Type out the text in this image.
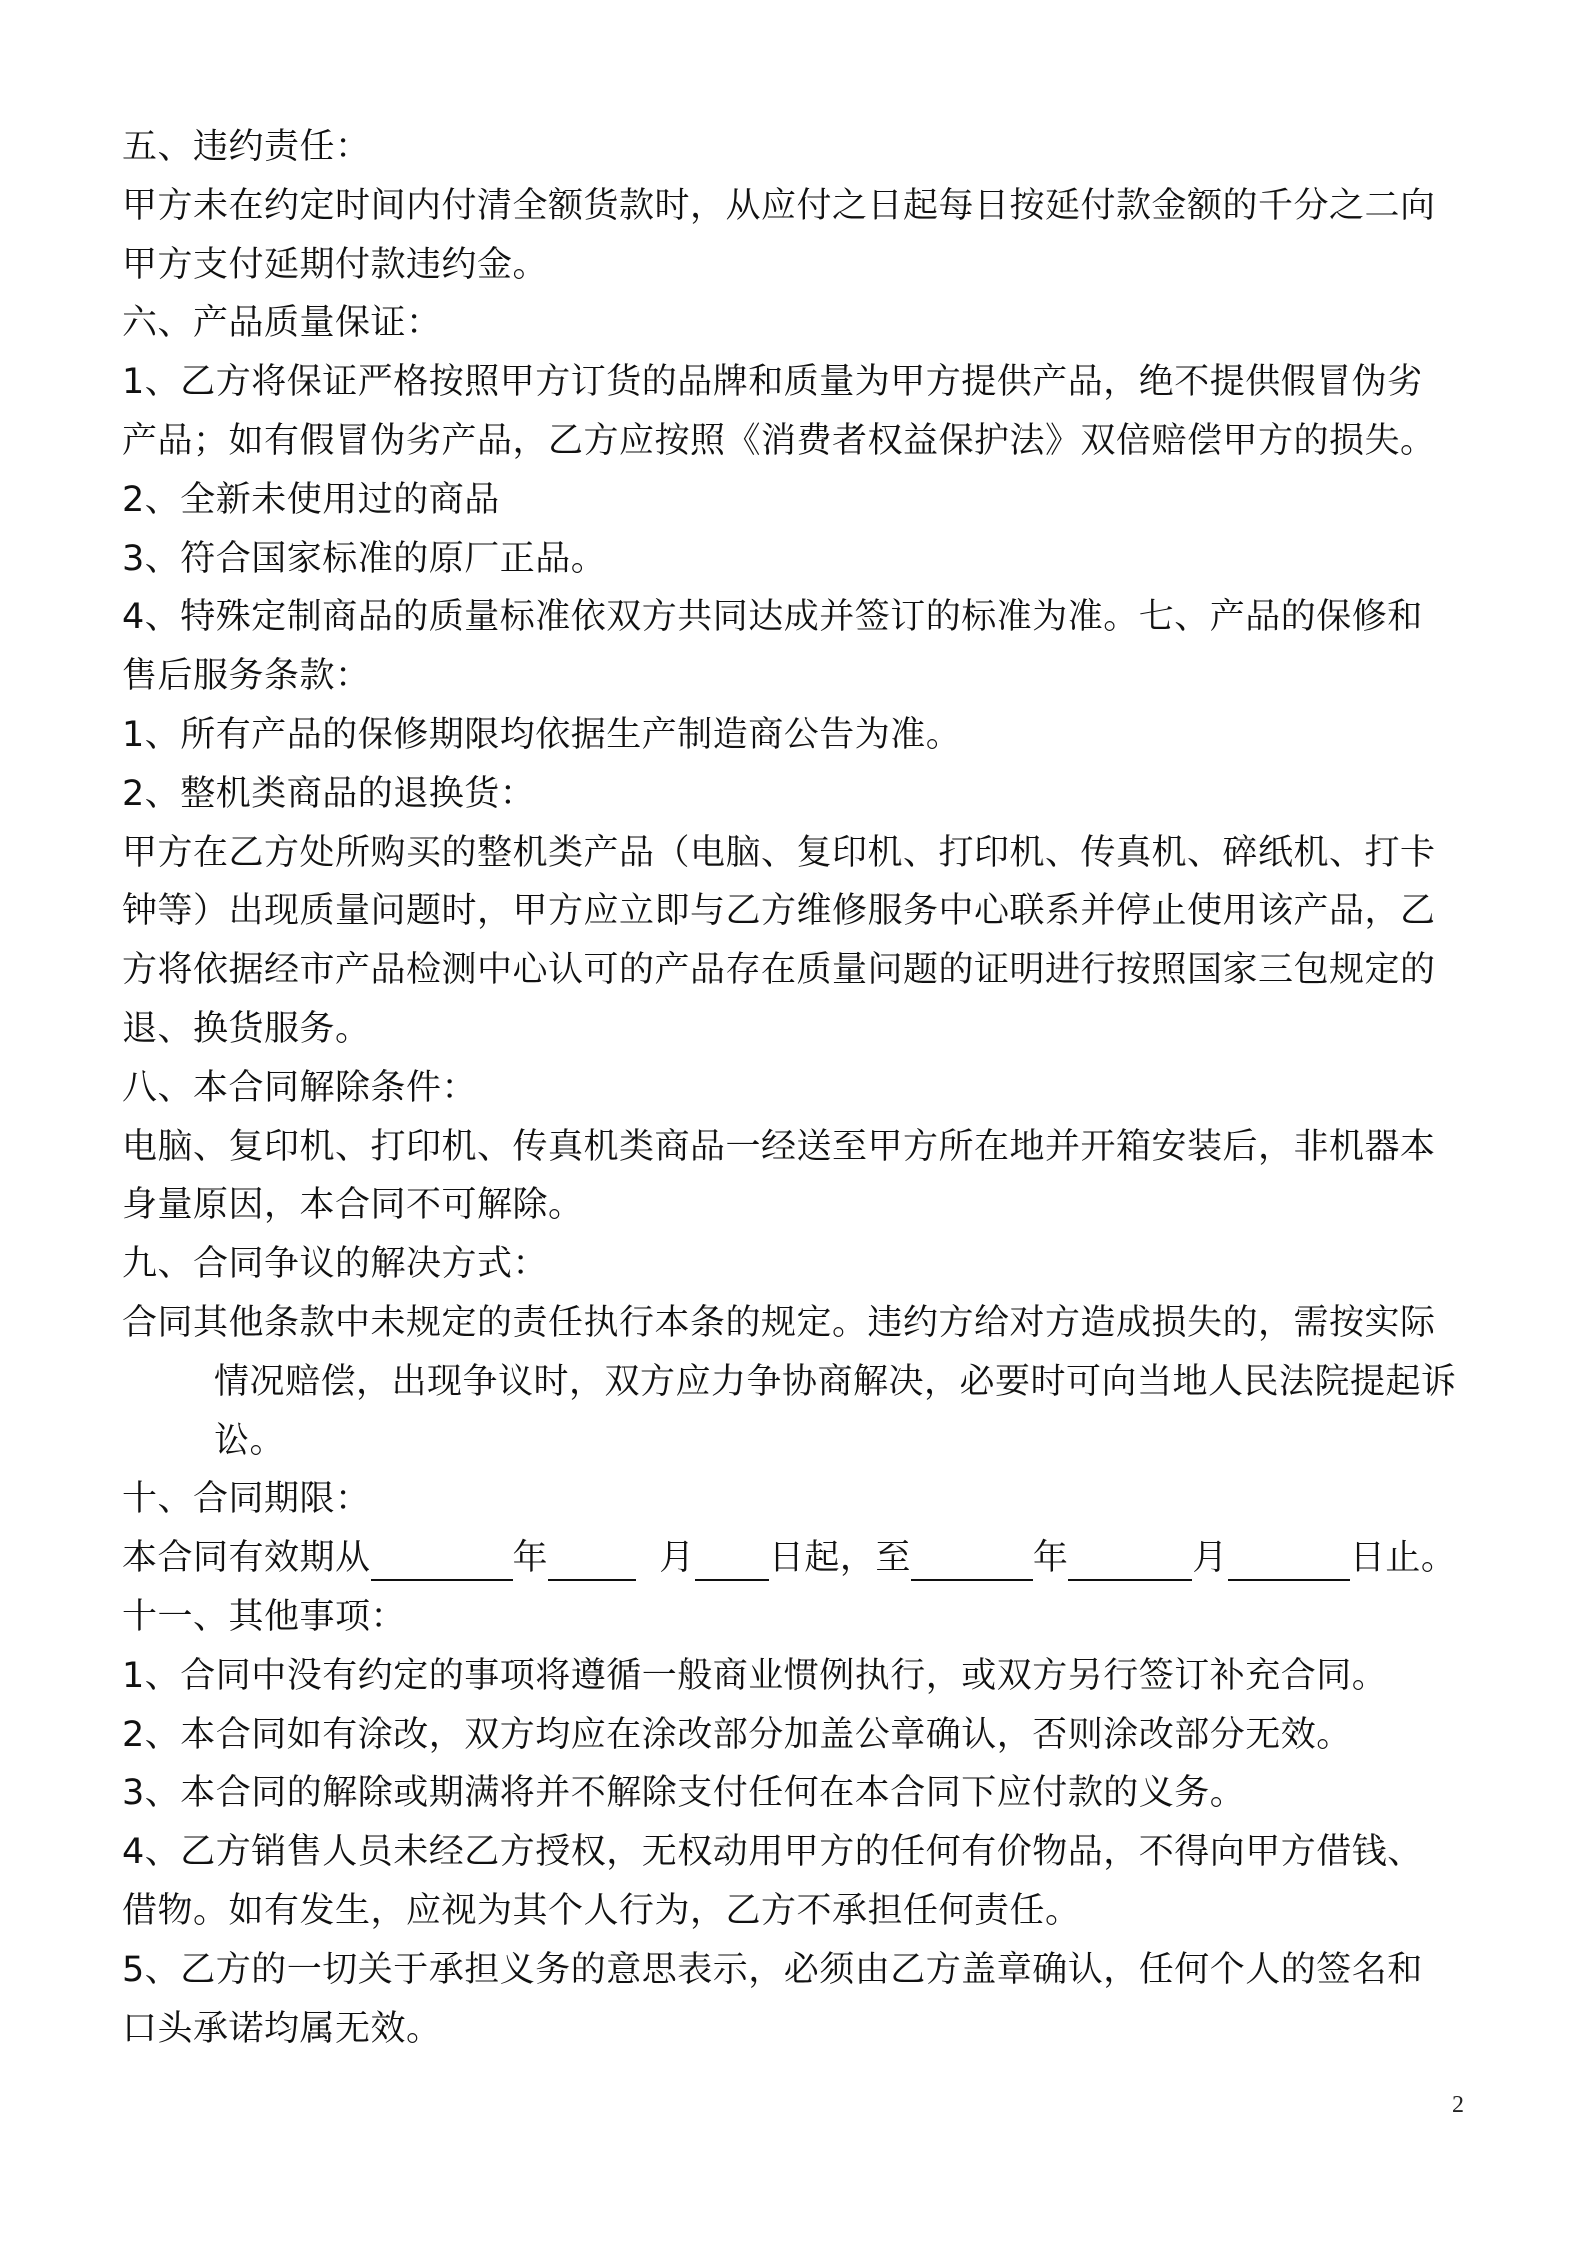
五、违约责任：
甲方未在约定时间内付清全额货款时，从应付之日起每日按延付款金额的千分之二向
甲方支付延期付款违约金。
六、产品质量保证：
1、乙方将保证严格按照甲方订货的品牌和质量为甲方提供产品，绝不提供假冒伪劣
产品；如有假冒伪劣产品，乙方应按照《消费者权益保护法》双倍赔偿甲方的损失。
2、全新未使用过的商品
3、符合国家标准的原厂正品。
4、特殊定制商品的质量标准依双方共同达成并签订的标准为准。七、产品的保修和
售后服务条款：
1、所有产品的保修期限均依据生产制造商公告为准。
2、整机类商品的退换货：
甲方在乙方处所购买的整机类产品（电脑、复印机、打印机、传真机、碎纸机、打卡
钟等）出现质量问题时，甲方应立即与乙方维修服务中心联系并停止使用该产品，乙
方将依据经市产品检测中心认可的产品存在质量问题的证明进行按照国家三包规定的
退、换货服务。
八、本合同解除条件：
电脑、复印机、打印机、传真机类商品一经送至甲方所在地并开箱安装后，非机器本
身量原因，本合同不可解除。
九、合同争议的解决方式：
合同其他条款中未规定的责任执行本条的规定。违约方给对方造成损失的，需按实际
情况赔偿，出现争议时，双方应力争协商解决，必要时可向当地人民法院提起诉
讼。
十、合同期限：
本合同有效期从	年	月 日起，至	年	月	日止。
十一、其他事项：
1、合同中没有约定的事项将遵循一般商业惯例执行，或双方另行签订补充合同。
2、本合同如有涂改，双方均应在涂改部分加盖公章确认，否则涂改部分无效。
3、本合同的解除或期满将并不解除支付任何在本合同下应付款的义务。
4、乙方销售人员未经乙方授权，无权动用甲方的任何有价物品，不得向甲方借钱、
借物。如有发生，应视为其个人行为，乙方不承担任何责任。
5、乙方的一切关于承担义务的意思表示，必须由乙方盖章确认，任何个人的签名和
口头承诺均属无效。
2
